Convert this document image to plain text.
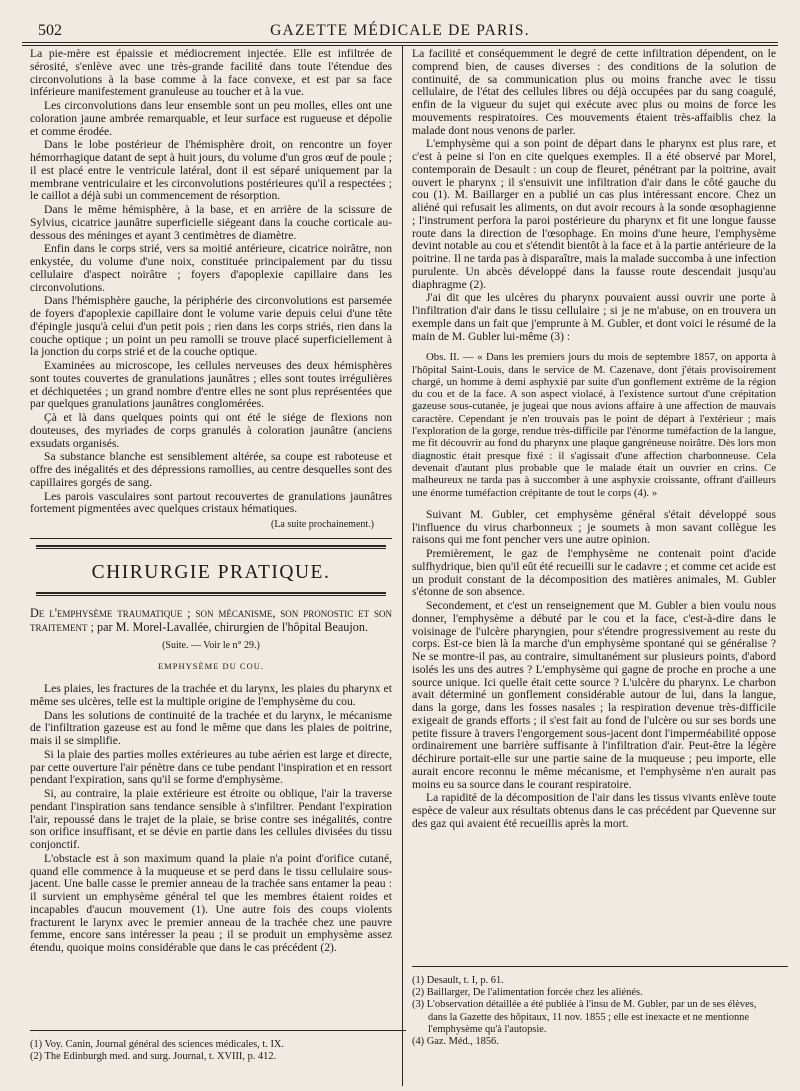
502	GAZETTE MÉDICALE DE PARIS.

La pie-mère est épaissie et médiocrement injectée. Elle est infiltrée de sérosité, s'enlève avec une très-grande facilité dans toute l'étendue des circonvolutions à la base comme à la face convexe, et est par sa face inférieure manifestement granuleuse au toucher et à la vue.

Les circonvolutions dans leur ensemble sont un peu molles, elles ont une coloration jaune ambrée remarquable, et leur surface est rugueuse et dépolie et comme érodée.

Dans le lobe postérieur de l'hémisphère droit, on rencontre un foyer hémorrhagique datant de sept à huit jours, du volume d'un gros œuf de poule ; il est placé entre le ventricule latéral, dont il est séparé uniquement par la membrane ventriculaire et les circonvolutions postérieures qu'il a respectées ; le caillot a déjà subi un commencement de résorption.

Dans le même hémisphère, à la base, et en arrière de la scissure de Sylvius, cicatrice jaunâtre superficielle siégeant dans la couche corticale au-dessous des méninges et ayant 3 centimètres de diamètre.

Enfin dans le corps strié, vers sa moitié antérieure, cicatrice noirâtre, non enkystée, du volume d'une noix, constituée principalement par du tissu cellulaire d'aspect noirâtre ; foyers d'apoplexie capillaire dans les circonvolutions.

Dans l'hémisphère gauche, la périphérie des circonvolutions est parsemée de foyers d'apoplexie capillaire dont le volume varie depuis celui d'une tête d'épingle jusqu'à celui d'un petit pois ; rien dans les corps striés, rien dans la couche optique ; un point un peu ramolli se trouve placé superficiellement à la jonction du corps strié et de la couche optique.

Examinées au microscope, les cellules nerveuses des deux hémisphères sont toutes couvertes de granulations jaunâtres ; elles sont toutes irrégulières et déchiquetées ; un grand nombre d'entre elles ne sont plus représentées que par quelques granulations jaunâtres conglomérées.

Çà et là dans quelques points qui ont été le siége de flexions non douteuses, des myriades de corps granulés à coloration jaunâtre (anciens exsudats organisés.

Sa substance blanche est sensiblement altérée, sa coupe est raboteuse et offre des inégalités et des dépressions ramollies, au centre desquelles sont des capillaires gorgés de sang.

Les parois vasculaires sont partout recouvertes de granulations jaunâtres fortement pigmentées avec quelques cristaux hématiques.

(La suite prochainement.)
CHIRURGIE PRATIQUE.

De l'emphysème traumatique ; son mécanisme, son pronostic et son traitement ; par M. Morel-Lavallée, chirurgien de l'hôpital Beaujon.

(Suite. — Voir le n° 29.)
EMPHYSÈME DU COU.

Les plaies, les fractures de la trachée et du larynx, les plaies du pharynx et même ses ulcères, telle est la multiple origine de l'emphysème du cou.

Dans les solutions de continuité de la trachée et du larynx, le mécanisme de l'infiltration gazeuse est au fond le même que dans les plaies de poitrine, mais il se simplifie.

Si la plaie des parties molles extérieures au tube aérien est large et directe, par cette ouverture l'air pénètre dans ce tube pendant l'inspiration et en ressort pendant l'expiration, sans qu'il se forme d'emphysème.

Si, au contraire, la plaie extérieure est étroite ou oblique, l'air la traverse pendant l'inspiration sans tendance sensible à s'infiltrer. Pendant l'expiration l'air, repoussé dans le trajet de la plaie, se brise contre ses inégalités, contre son orifice insuffisant, et se dévie en partie dans les cellules divisées du tissu conjonctif.

L'obstacle est à son maximum quand la plaie n'a point d'orifice cutané, quand elle commence à la muqueuse et se perd dans le tissu cellulaire sous-jacent. Une balle casse le premier anneau de la trachée sans entamer la peau : il survient un emphysème général tel que les membres étaient roides et incapables d'aucun mouvement (1). Une autre fois des coups violents fracturent le larynx avec le premier anneau de la trachée chez une pauvre femme, encore sans intéresser la peau ; il se produit un emphysème assez étendu, quoique moins considérable que dans le cas précédent (2).

(1) Voy. Canin, Journal général des sciences médicales, t. IX.
(2) The Edinburgh med. and surg. Journal, t. XVIII, p. 412.

La facilité et conséquemment le degré de cette infiltration dépendent, on le comprend bien, de causes diverses : des conditions de la solution de continuité, de sa communication plus ou moins franche avec le tissu cellulaire, de l'état des cellules libres ou déjà occupées par du sang coagulé, enfin de la vigueur du sujet qui exécute avec plus ou moins de force les mouvements respiratoires. Ces mouvements étaient très-affaiblis chez la malade dont nous venons de parler.

L'emphysème qui a son point de départ dans le pharynx est plus rare, et c'est à peine si l'on en cite quelques exemples. Il a été observé par Morel, contemporain de Desault : un coup de fleuret, pénétrant par la poitrine, avait ouvert le pharynx ; il s'ensuivit une infiltration d'air dans le côté gauche du cou (1). M. Baillarger en a publié un cas plus intéressant encore. Chez un aliéné qui refusait les aliments, on dut avoir recours à la sonde œsophagienne ; l'instrument perfora la paroi postérieure du pharynx et fit une longue fausse route dans la direction de l'œsophage. En moins d'une heure, l'emphysème devint notable au cou et s'étendit bientôt à la face et à la partie antérieure de la poitrine. Il ne tarda pas à disparaître, mais la malade succomba à une infection purulente. Un abcès développé dans la fausse route descendait jusqu'au diaphragme (2).

J'ai dit que les ulcères du pharynx pouvaient aussi ouvrir une porte à l'infiltration d'air dans le tissu cellulaire ; si je ne m'abuse, on en trouvera un exemple dans un fait que j'emprunte à M. Gubler, et dont voici le résumé de la main de M. Gubler lui-même (3) :

Obs. II. — « Dans les premiers jours du mois de septembre 1857, on apporta à l'hôpital Saint-Louis, dans le service de M. Cazenave, dont j'étais provisoirement chargé, un homme à demi asphyxié par suite d'un gonflement extrême de la région du cou et de la face. A son aspect violacé, à l'existence surtout d'une crépitation gazeuse sous-cutanée, je jugeai que nous avions affaire à une affection de mauvais caractère. Cependant je n'en trouvais pas le point de départ à l'extérieur ; mais l'exploration de la gorge, rendue très-difficile par l'énorme tuméfaction de la langue, me fit découvrir au fond du pharynx une plaque gangréneuse noirâtre. Dès lors mon diagnostic était presque fixé : il s'agissait d'une affection charbonneuse. Cela devenait d'autant plus probable que le malade était un ouvrier en crins. Ce malheureux ne tarda pas à succomber à une asphyxie croissante, offrant d'ailleurs une énorme tuméfaction crépitante de tout le corps (4). »

Suivant M. Gubler, cet emphysème général s'était développé sous l'influence du virus charbonneux ; je soumets à mon savant collègue les raisons qui me font pencher vers une autre opinion.

Premièrement, le gaz de l'emphysème ne contenait point d'acide sulfhydrique, bien qu'il eût été recueilli sur le cadavre ; et comme cet acide est un produit constant de la décomposition des matières animales, M. Gubler s'étonne de son absence.

Secondement, et c'est un renseignement que M. Gubler a bien voulu nous donner, l'emphysème a débuté par le cou et la face, c'est-à-dire dans le voisinage de l'ulcère pharyngien, pour s'étendre progressivement au reste du corps. Est-ce bien là la marche d'un emphysème spontané qui se généralise ? Ne se montre-il pas, au contraire, simultanément sur plusieurs points, d'abord isolés les uns des autres ? L'emphysème qui gagne de proche en proche a une source unique. Ici quelle était cette source ? L'ulcère du pharynx. Le charbon avait déterminé un gonflement considérable autour de lui, dans la langue, dans la gorge, dans les fosses nasales ; la respiration devenue très-difficile exigeait de grands efforts ; il s'est fait au fond de l'ulcère ou sur ses bords une petite fissure à travers l'engorgement sous-jacent dont l'imperméabilité oppose ordinairement une barrière suffisante à l'infiltration d'air. Peut-être la légère déchirure portait-elle sur une partie saine de la muqueuse ; peu importe, elle aurait encore reconnu le même mécanisme, et l'emphysème n'en aurait pas moins eu sa source dans le courant respiratoire.

La rapidité de la décomposition de l'air dans les tissus vivants enlève toute espèce de valeur aux résultats obtenus dans le cas précédent par Quevenne sur des gaz qui avaient été recueillis après la mort.

(1) Desault, t. I, p. 61.
(2) Baillarger, De l'alimentation forcée chez les aliénés.
(3) L'observation détaillée a été publiée à l'insu de M. Gubler, par un de ses élèves, dans la Gazette des hôpitaux, 11 nov. 1855 ; elle est inexacte et ne mentionne l'emphysème qu'à l'autopsie.
(4) Gaz. Méd., 1856.
